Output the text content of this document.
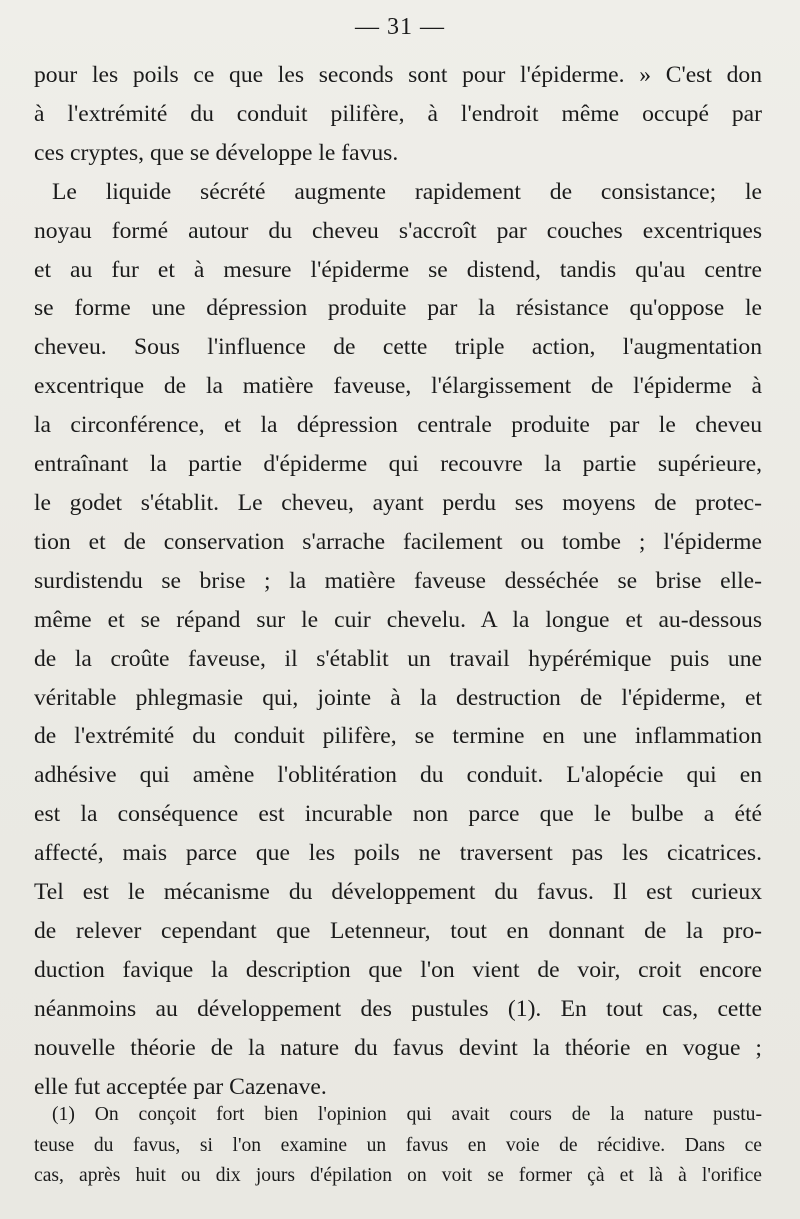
— 31 —
pour les poils ce que les seconds sont pour l'épiderme. » C'est don
à l'extrémité du conduit pilifère, à l'endroit même occupé par
ces cryptes, que se développe le favus.
Le liquide sécrété augmente rapidement de consistance; le
noyau formé autour du cheveu s'accroît par couches excentriques
et au fur et à mesure l'épiderme se distend, tandis qu'au centre
se forme une dépression produite par la résistance qu'oppose le
cheveu. Sous l'influence de cette triple action, l'augmentation
excentrique de la matière faveuse, l'élargissement de l'épiderme à
la circonférence, et la dépression centrale produite par le cheveu
entraînant la partie d'épiderme qui recouvre la partie supérieure,
le godet s'établit. Le cheveu, ayant perdu ses moyens de protec-
tion et de conservation s'arrache facilement ou tombe ; l'épiderme
surdistendu se brise ; la matière faveuse desséchée se brise elle-
même et se répand sur le cuir chevelu. A la longue et au-dessous
de la croûte faveuse, il s'établit un travail hypérémique puis une
véritable phlegmasie qui, jointe à la destruction de l'épiderme, et
de l'extrémité du conduit pilifère, se termine en une inflammation
adhésive qui amène l'oblitération du conduit. L'alopécie qui en
est la conséquence est incurable non parce que le bulbe a été
affecté, mais parce que les poils ne traversent pas les cicatrices.
Tel est le mécanisme du développement du favus. Il est curieux
de relever cependant que Letenneur, tout en donnant de la pro-
duction favique la description que l'on vient de voir, croit encore
néanmoins au développement des pustules (1). En tout cas, cette
nouvelle théorie de la nature du favus devint la théorie en vogue ;
elle fut acceptée par Cazenave.
(1) On conçoit fort bien l'opinion qui avait cours de la nature pustu-
teuse du favus, si l'on examine un favus en voie de récidive. Dans ce
cas, après huit ou dix jours d'épilation on voit se former çà et là à l'orifice
